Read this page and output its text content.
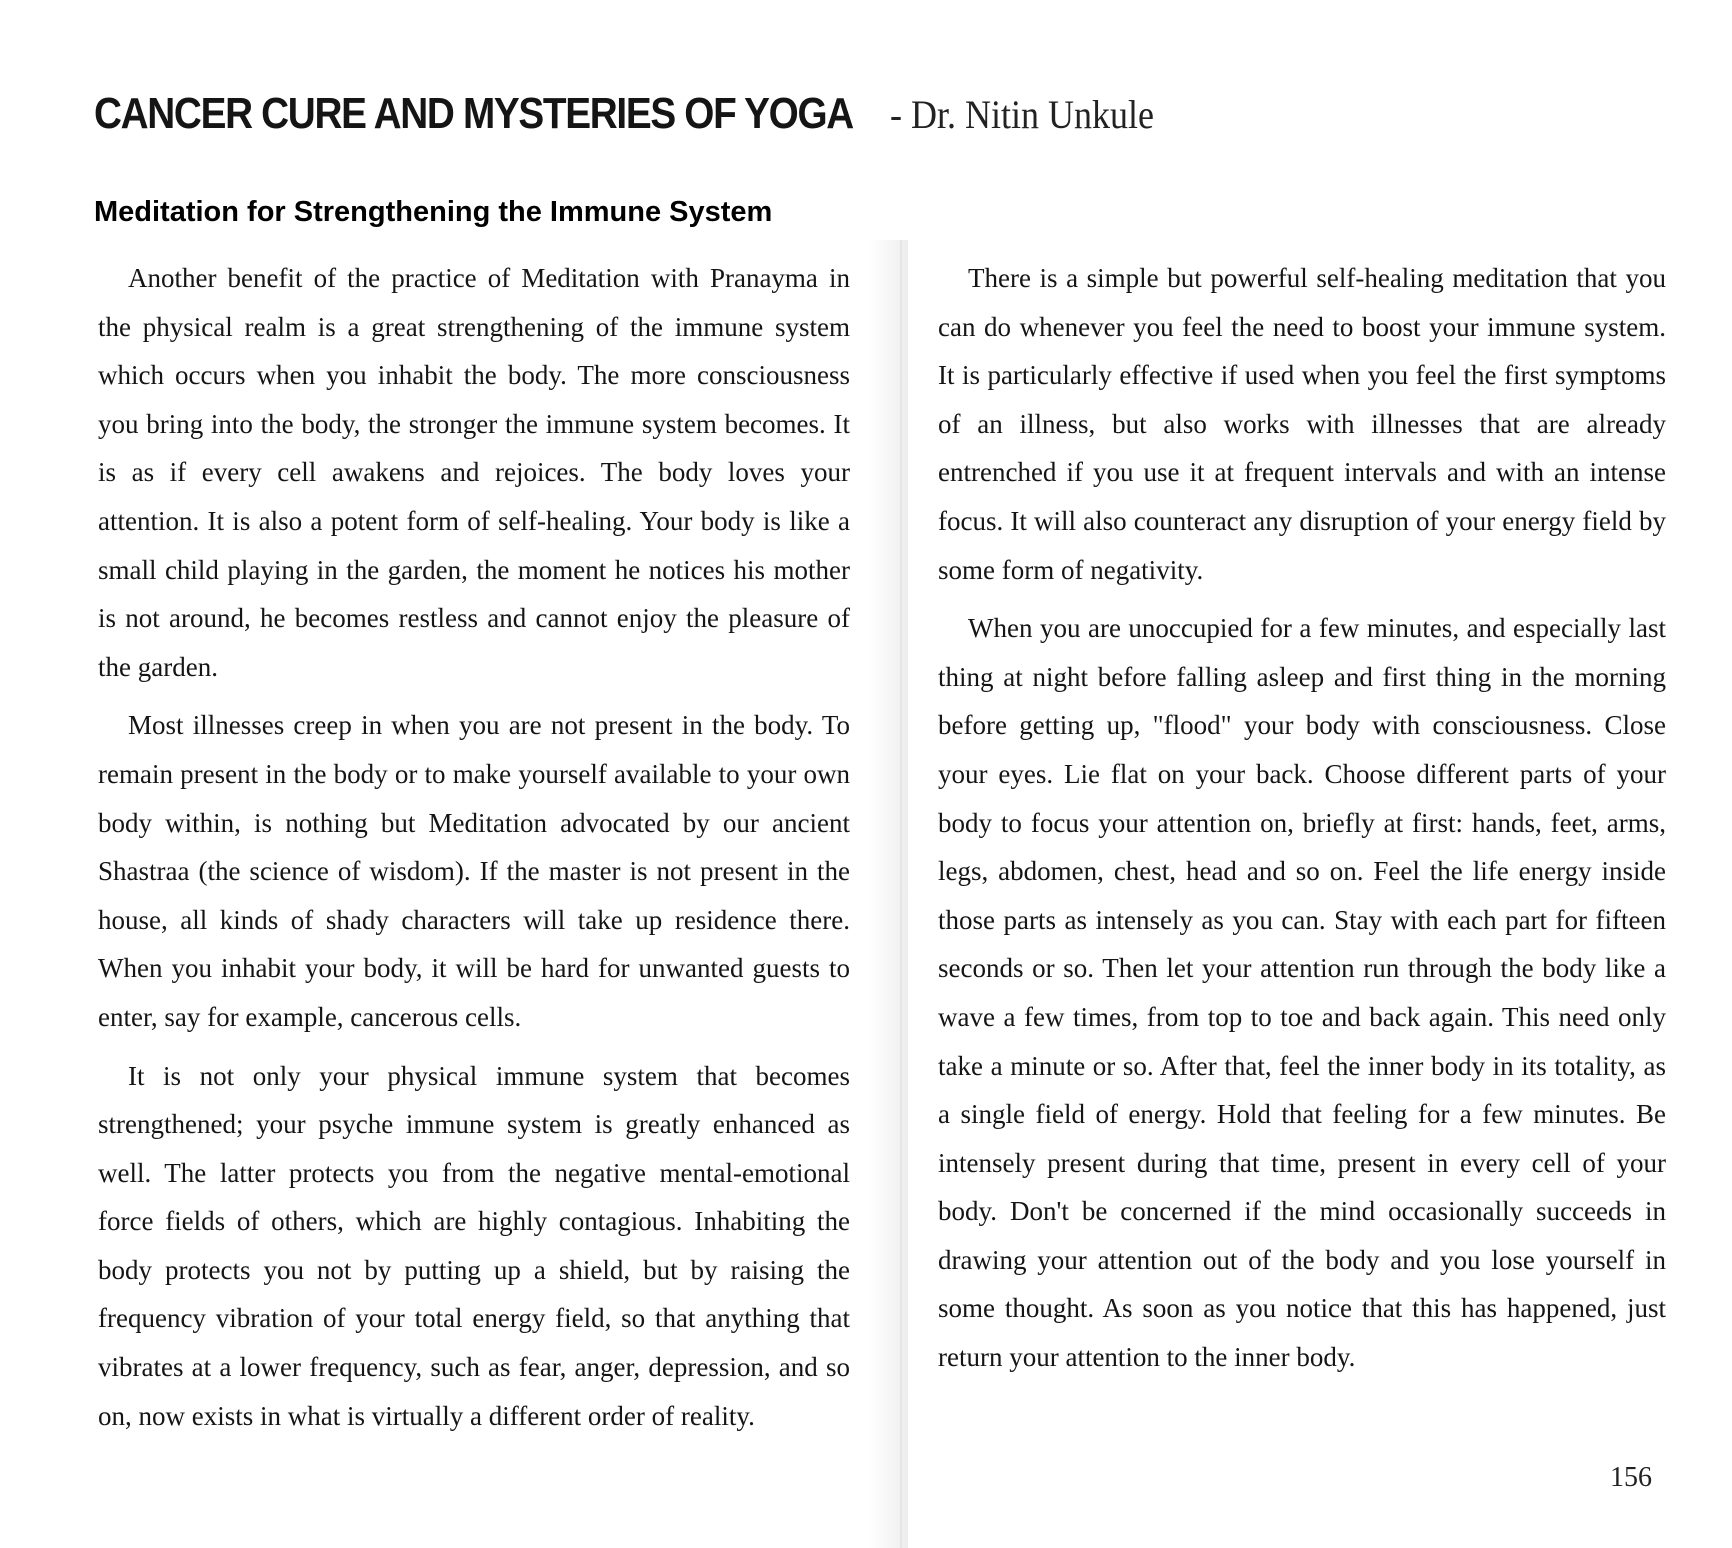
CANCER CURE AND MYSTERIES OF YOGA - Dr. Nitin Unkule
Meditation for Strengthening the Immune System

Another benefit of the practice of Meditation with Pranayma in the physical realm is a great strengthening of the immune system which occurs when you inhabit the body. The more consciousness you bring into the body, the stronger the immune system becomes. It is as if every cell awakens and rejoices. The body loves your attention. It is also a potent form of self-healing. Your body is like a small child playing in the garden, the moment he notices his mother is not around, he becomes restless and cannot enjoy the pleasure of the garden.

Most illnesses creep in when you are not present in the body. To remain present in the body or to make yourself available to your own body within, is nothing but Meditation advocated by our ancient Shastraa (the science of wisdom). If the master is not present in the house, all kinds of shady characters will take up residence there. When you inhabit your body, it will be hard for unwanted guests to enter, say for example, cancerous cells.

It is not only your physical immune system that becomes strengthened; your psyche immune system is greatly enhanced as well. The latter protects you from the negative mental-emotional force fields of others, which are highly contagious. Inhabiting the body protects you not by putting up a shield, but by raising the frequency vibration of your total energy field, so that anything that vibrates at a lower frequency, such as fear, anger, depression, and so on, now exists in what is virtually a different order of reality.

There is a simple but powerful self-healing meditation that you can do whenever you feel the need to boost your immune system. It is particularly effective if used when you feel the first symptoms of an illness, but also works with illnesses that are already entrenched if you use it at frequent intervals and with an intense focus. It will also counteract any disruption of your energy field by some form of negativity.

When you are unoccupied for a few minutes, and especially last thing at night before falling asleep and first thing in the morning before getting up, "flood" your body with consciousness. Close your eyes. Lie flat on your back. Choose different parts of your body to focus your attention on, briefly at first: hands, feet, arms, legs, abdomen, chest, head and so on. Feel the life energy inside those parts as intensely as you can. Stay with each part for fifteen seconds or so. Then let your attention run through the body like a wave a few times, from top to toe and back again. This need only take a minute or so. After that, feel the inner body in its totality, as a single field of energy. Hold that feeling for a few minutes. Be intensely present during that time, present in every cell of your body. Don't be concerned if the mind occasionally succeeds in drawing your attention out of the body and you lose yourself in some thought. As soon as you notice that this has happened, just return your attention to the inner body.

156
